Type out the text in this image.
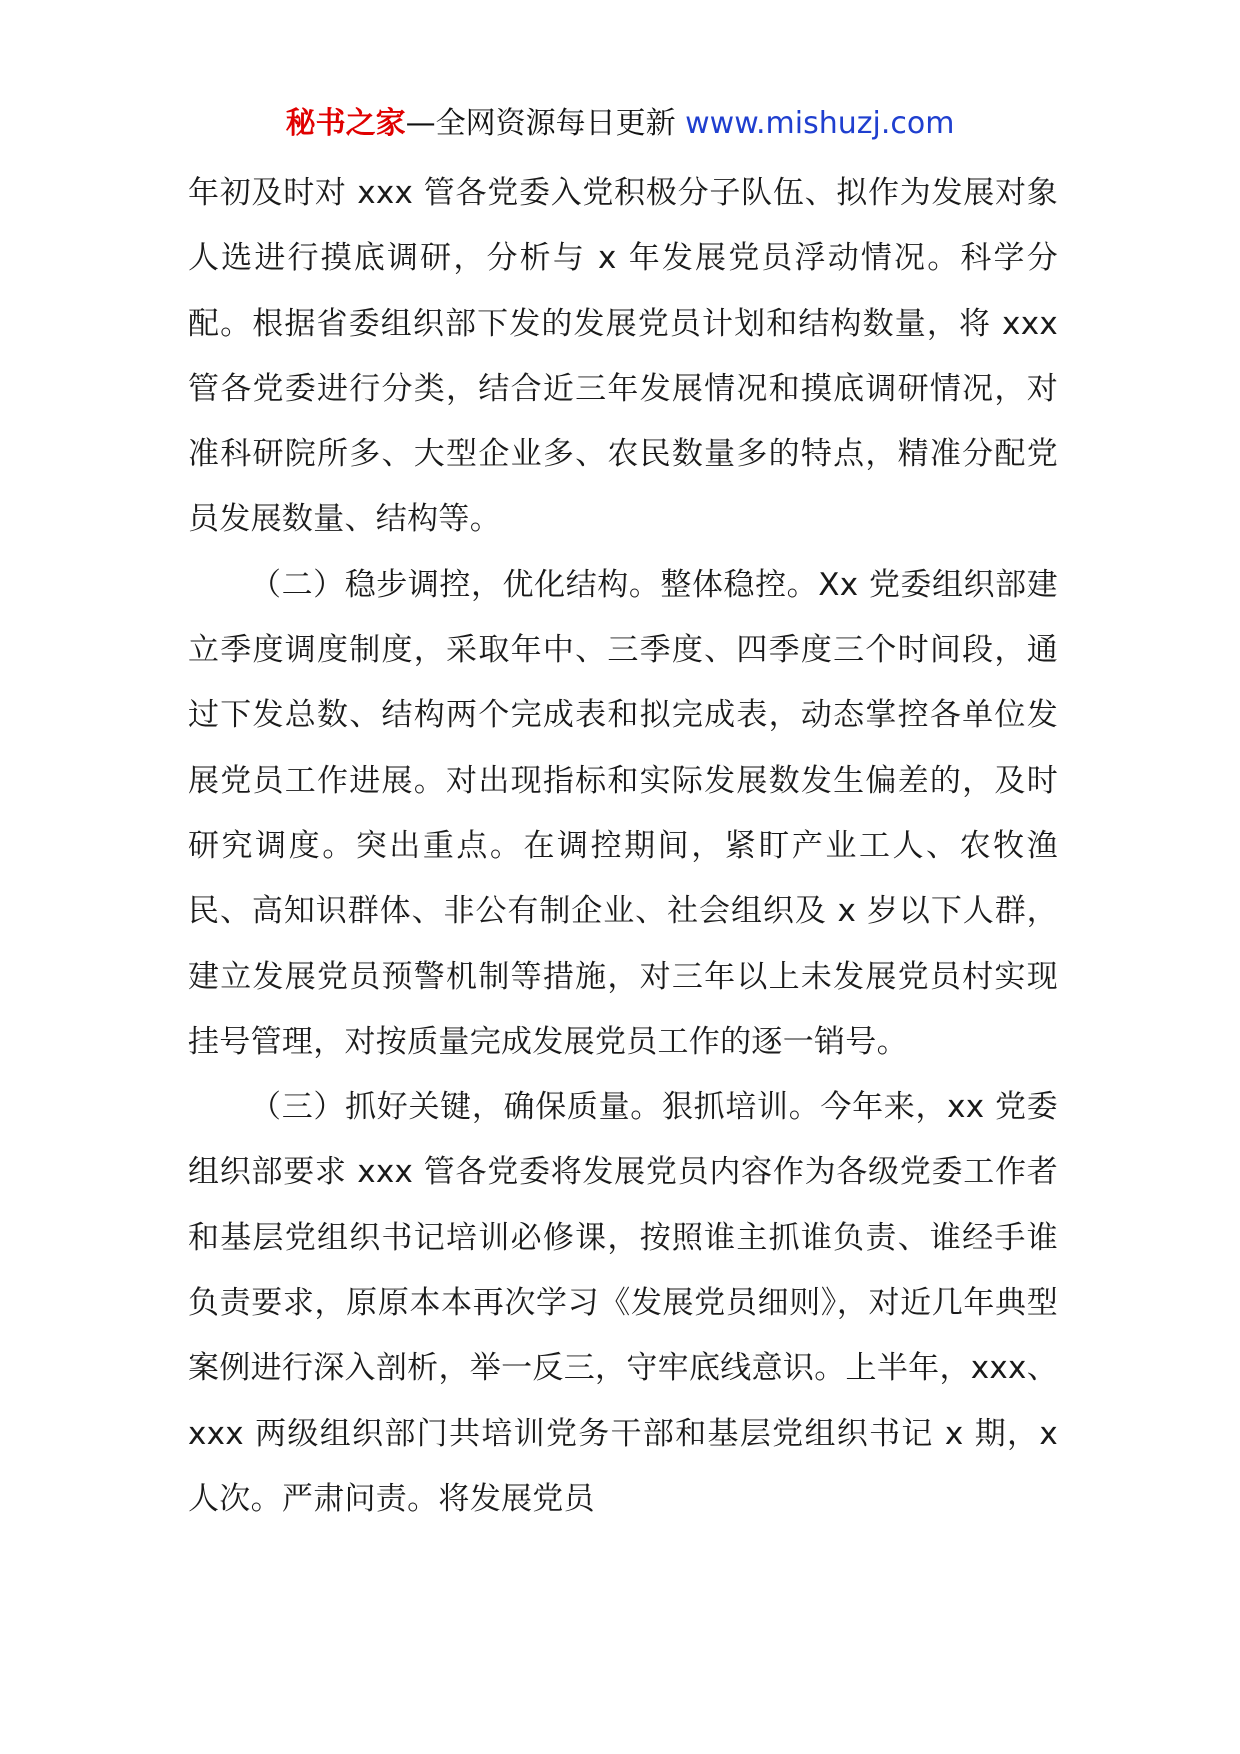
秘书之家—全网资源每日更新 www.mishuzj.com

年初及时对 xxx 管各党委入党积极分子队伍、拟作为发展对象人选进行摸底调研，分析与 x 年发展党员浮动情况。科学分配。根据省委组织部下发的发展党员计划和结构数量，将 xxx 管各党委进行分类，结合近三年发展情况和摸底调研情况，对准科研院所多、大型企业多、农民数量多的特点，精准分配党员发展数量、结构等。

（二）稳步调控，优化结构。整体稳控。Xx 党委组织部建立季度调度制度，采取年中、三季度、四季度三个时间段，通过下发总数、结构两个完成表和拟完成表，动态掌控各单位发展党员工作进展。对出现指标和实际发展数发生偏差的，及时研究调度。突出重点。在调控期间，紧盯产业工人、农牧渔民、高知识群体、非公有制企业、社会组织及 x 岁以下人群，建立发展党员预警机制等措施，对三年以上未发展党员村实现挂号管理，对按质量完成发展党员工作的逐一销号。

（三）抓好关键，确保质量。狠抓培训。今年来，xx 党委组织部要求 xxx 管各党委将发展党员内容作为各级党委工作者和基层党组织书记培训必修课，按照谁主抓谁负责、谁经手谁负责要求，原原本本再次学习《发展党员细则》，对近几年典型案例进行深入剖析，举一反三，守牢底线意识。上半年，xxx、xxx 两级组织部门共培训党务干部和基层党组织书记 x 期，x 人次。严肃问责。将发展党员
